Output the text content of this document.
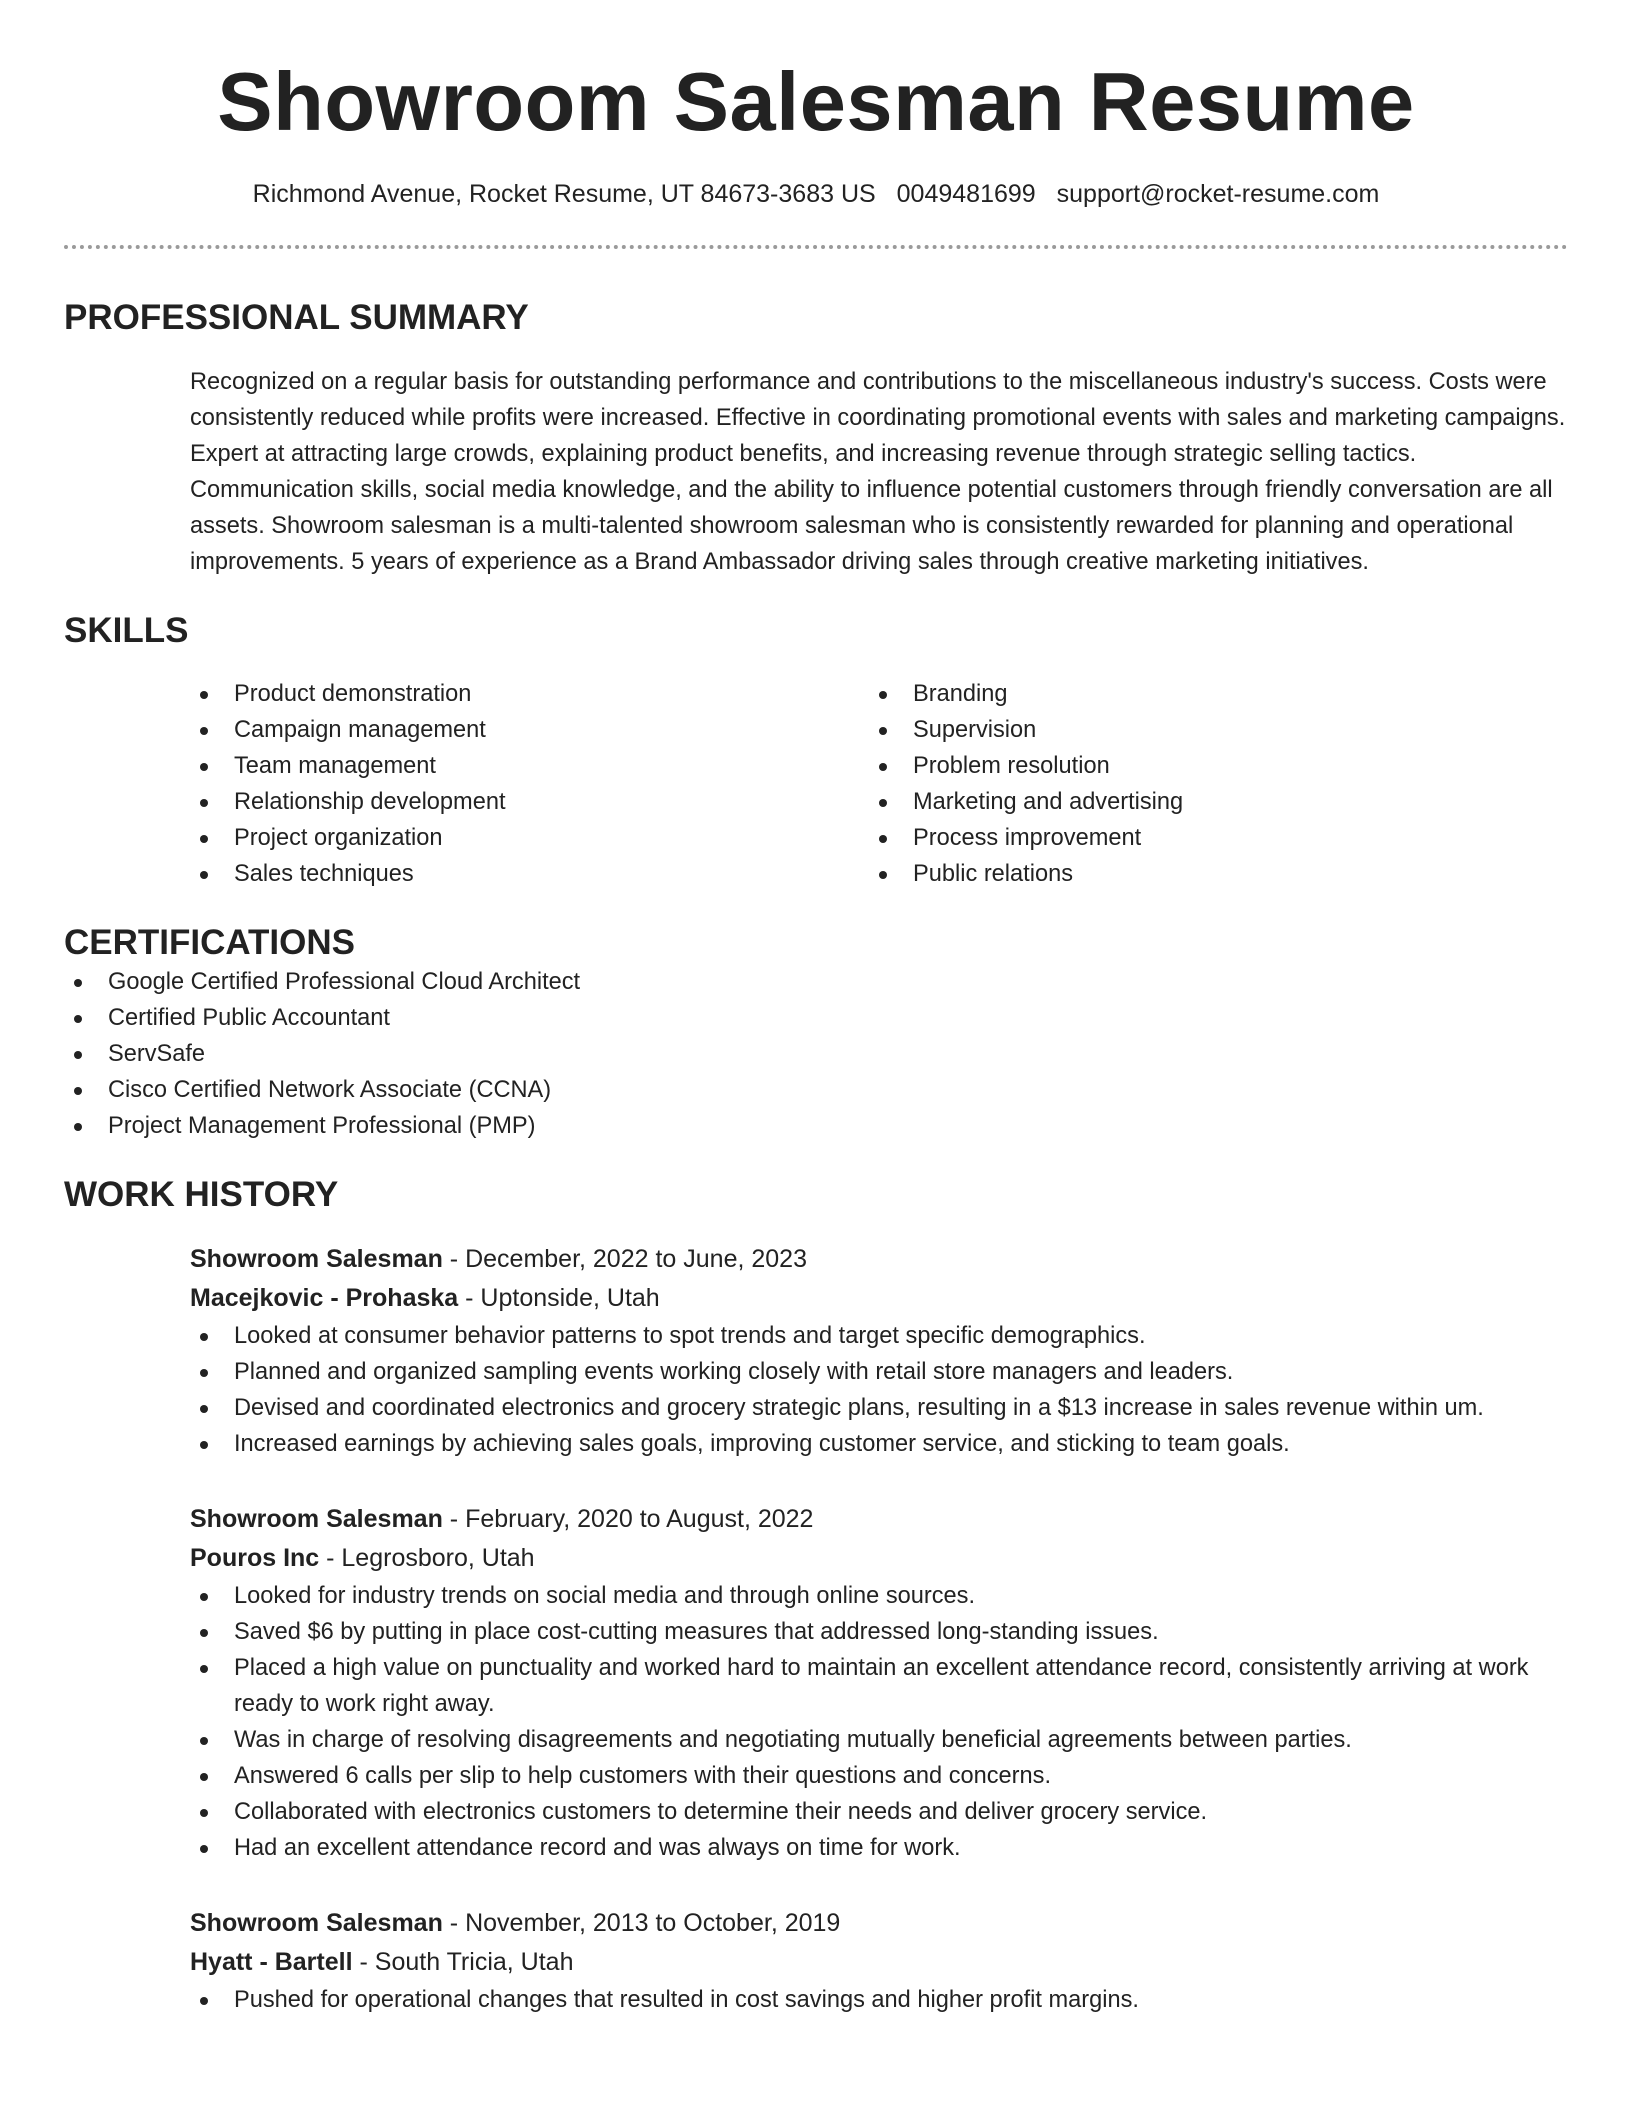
Showroom Salesman Resume
Richmond Avenue, Rocket Resume, UT 84673-3683 US 0049481699 support@rocket-resume.com
PROFESSIONAL SUMMARY

Recognized on a regular basis for outstanding performance and contributions to the miscellaneous industry's success. Costs were consistently reduced while profits were increased. Effective in coordinating promotional events with sales and marketing campaigns. Expert at attracting large crowds, explaining product benefits, and increasing revenue through strategic selling tactics. Communication skills, social media knowledge, and the ability to influence potential customers through friendly conversation are all assets. Showroom salesman is a multi-talented showroom salesman who is consistently rewarded for planning and operational improvements. 5 years of experience as a Brand Ambassador driving sales through creative marketing initiatives.

SKILLS
Product demonstration
Campaign management
Team management
Relationship development
Project organization
Sales techniques
Branding
Supervision
Problem resolution
Marketing and advertising
Process improvement
Public relations
CERTIFICATIONS
Google Certified Professional Cloud Architect
Certified Public Accountant
ServSafe
Cisco Certified Network Associate (CCNA)
Project Management Professional (PMP)
WORK HISTORY
Showroom Salesman - December, 2022 to June, 2023
Macejkovic - Prohaska - Uptonside, Utah
Looked at consumer behavior patterns to spot trends and target specific demographics.
Planned and organized sampling events working closely with retail store managers and leaders.
Devised and coordinated electronics and grocery strategic plans, resulting in a $13 increase in sales revenue within um.
Increased earnings by achieving sales goals, improving customer service, and sticking to team goals.
Showroom Salesman - February, 2020 to August, 2022
Pouros Inc - Legrosboro, Utah
Looked for industry trends on social media and through online sources.
Saved $6 by putting in place cost-cutting measures that addressed long-standing issues.
Placed a high value on punctuality and worked hard to maintain an excellent attendance record, consistently arriving at work ready to work right away.
Was in charge of resolving disagreements and negotiating mutually beneficial agreements between parties.
Answered 6 calls per slip to help customers with their questions and concerns.
Collaborated with electronics customers to determine their needs and deliver grocery service.
Had an excellent attendance record and was always on time for work.
Showroom Salesman - November, 2013 to October, 2019
Hyatt - Bartell - South Tricia, Utah
Pushed for operational changes that resulted in cost savings and higher profit margins.
